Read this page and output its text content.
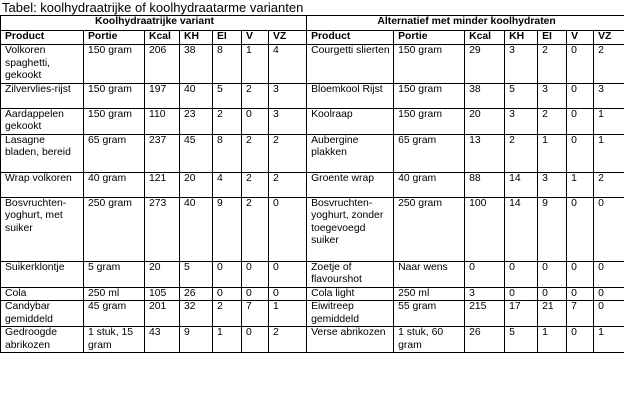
Tabel: koolhydraatrijke of koolhydraatarme varianten
Koolhydraatrijke variant							Alternatief met minder koolhydraten						
Product	Portie	Kcal	KH	EI	V	VZ	Product	Portie	Kcal	KH	EI	V	VZ
Volkoren spaghetti, gekookt	150 gram	206	38	8	1	4	Courgetti slierten	150 gram	29	3	2	0	2
Zilvervlies-rijst	150 gram	197	40	5	2	3	Bloemkool Rijst	150 gram	38	5	3	0	3
Aardappelen gekookt	150 gram	110	23	2	0	3	Koolraap	150 gram	20	3	2	0	1
Lasagne bladen, bereid	65 gram	237	45	8	2	2	Aubergine plakken	65 gram	13	2	1	0	1
Wrap volkoren	40 gram	121	20	4	2	2	Groente wrap	40 gram	88	14	3	1	2
Bosvruchten-yoghurt, met suiker	250 gram	273	40	9	2	0	Bosvruchten-yoghurt, zonder toegevoegd suiker	250 gram	100	14	9	0	0
Suikerklontje	5 gram	20	5	0	0	0	Zoetje of flavourshot	Naar wens	0	0	0	0	0
Cola	250 ml	105	26	0	0	0	Cola light	250 ml	3	0	0	0	0
Candybar gemiddeld	45 gram	201	32	2	7	1	Eiwitreep gemiddeld	55 gram	215	17	21	7	0
Gedroogde abrikozen	1 stuk, 15 gram	43	9	1	0	2	Verse abrikozen	1 stuk, 60 gram	26	5	1	0	1
